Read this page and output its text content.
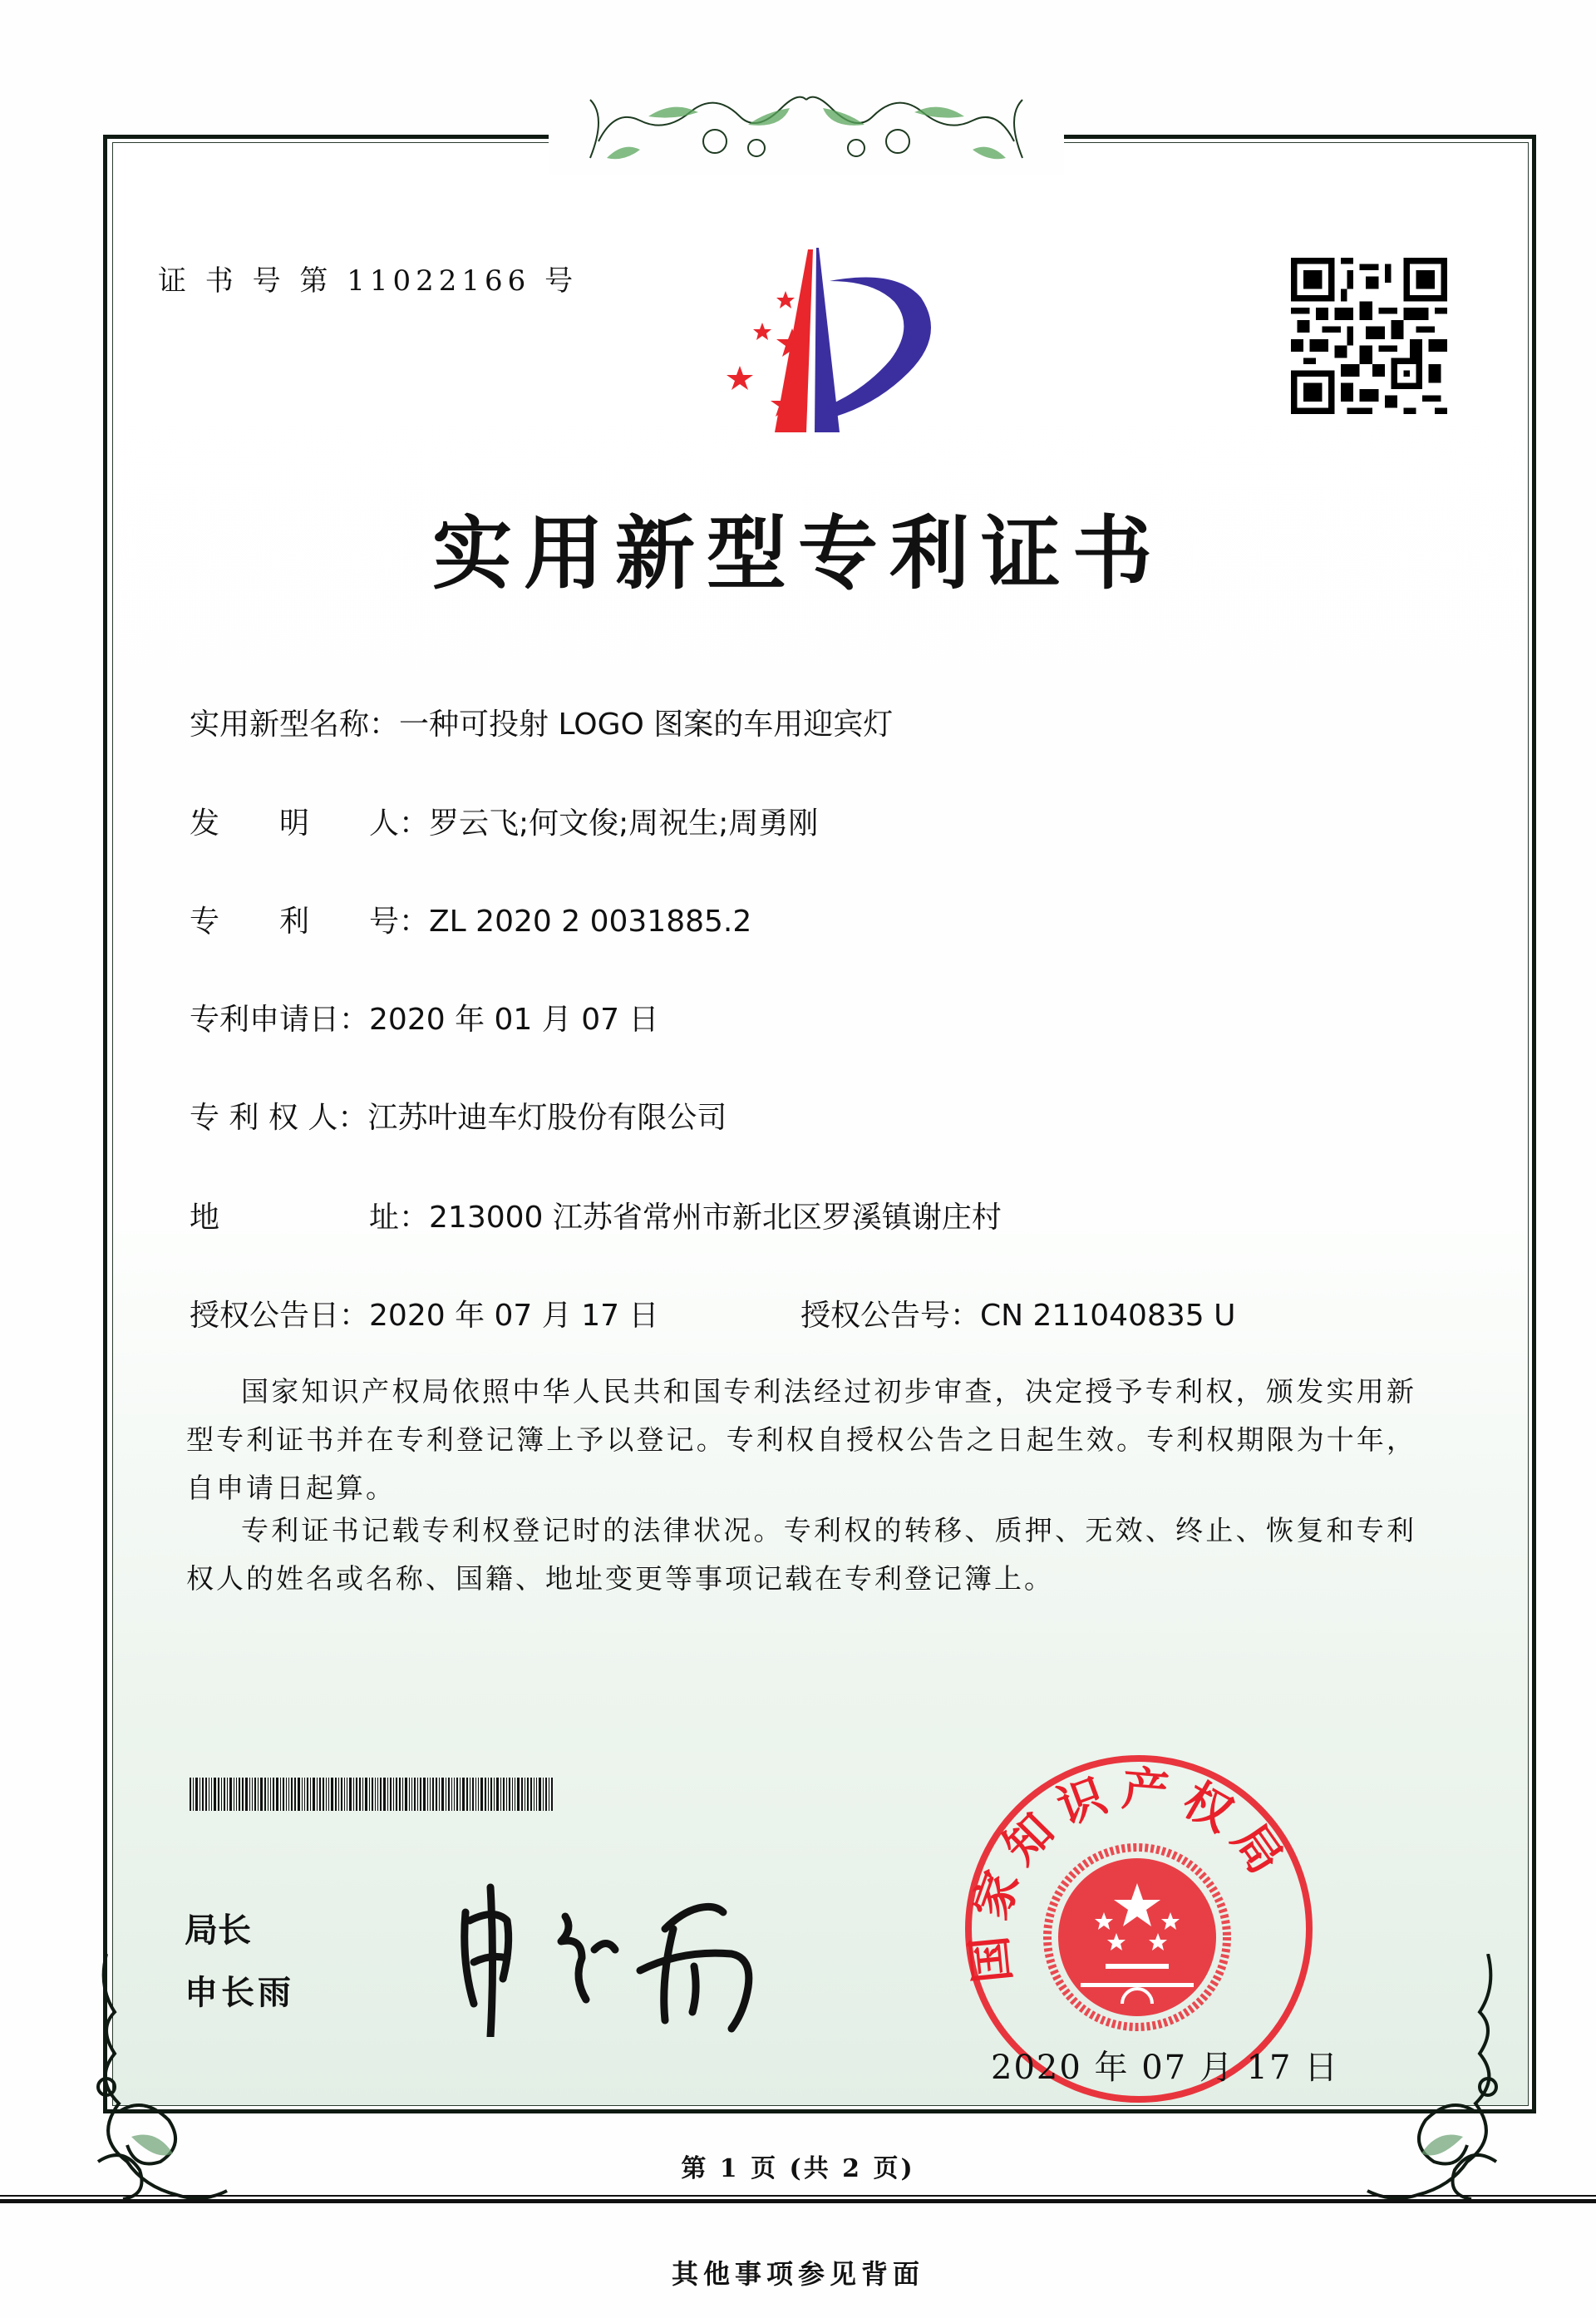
证 书 号 第 11022166 号
实用新型专利证书
实用新型名称：一种可投射 LOGO 图案的车用迎宾灯
发　　明　　人：罗云飞;何文俊;周祝生;周勇刚
专　　利　　号：ZL 2020 2 0031885.2
专利申请日：2020 年 01 月 07 日
专 利 权 人：江苏叶迪车灯股份有限公司
地　　　　　址：213000 江苏省常州市新北区罗溪镇谢庄村
授权公告日：2020 年 07 月 17 日	授权公告号：CN 211040835 U

国家知识产权局依照中华人民共和国专利法经过初步审查，决定授予专利权，颁发实用新型专利证书并在专利登记簿上予以登记。专利权自授权公告之日起生效。专利权期限为十年，自申请日起算。

专利证书记载专利权登记时的法律状况。专利权的转移、质押、无效、终止、恢复和专利权人的姓名或名称、国籍、地址变更等事项记载在专利登记簿上。

局长
申长雨
国家知识产权局
2020 年 07 月 17 日
第 1 页 (共 2 页)
其他事项参见背面
